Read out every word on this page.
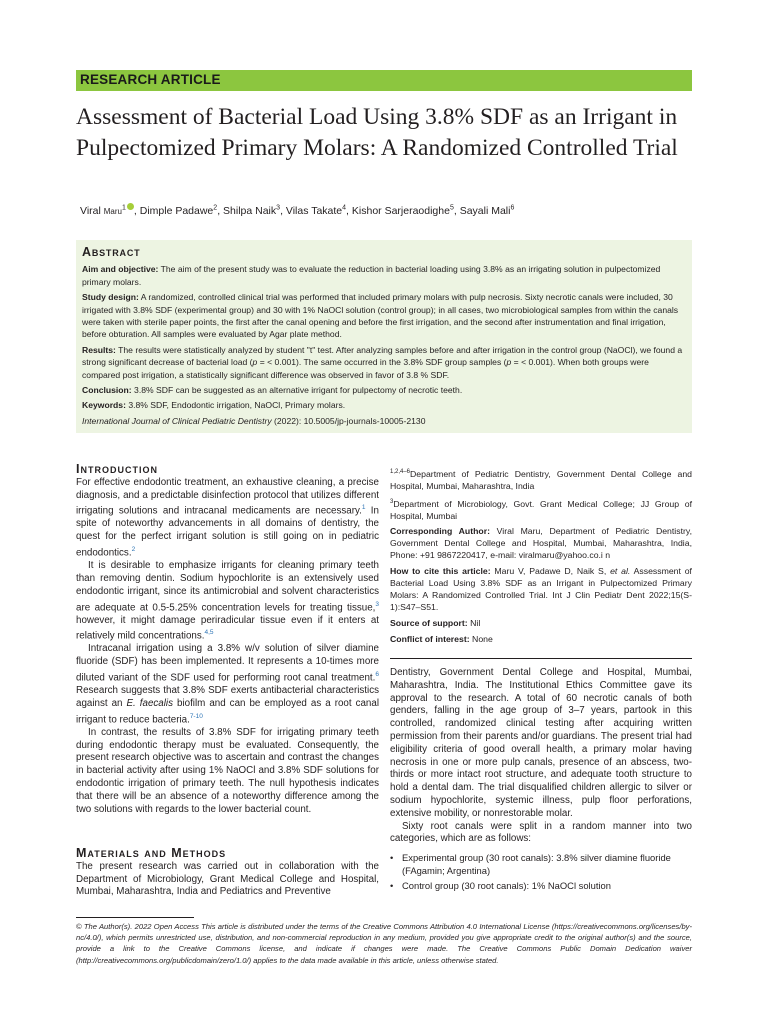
RESEARCH ARTICLE
Assessment of Bacterial Load Using 3.8% SDF as an Irrigant in Pulpectomized Primary Molars: A Randomized Controlled Trial
Viral Maru$^1$ , Dimple Padawe$^2$, Shilpa Naik$^3$, Vilas Takate$^4$, Kishor Sarjeraodighe$^5$, Sayali Mali$^6$
Abstract

Aim and objective: The aim of the present study was to evaluate the reduction in bacterial loading using 3.8% as an irrigating solution in pulpectomized primary molars.

Study design: A randomized, controlled clinical trial was performed that included primary molars with pulp necrosis. Sixty necrotic canals were included, 30 irrigated with 3.8% SDF (experimental group) and 30 with 1% NaOCl solution (control group); in all cases, two microbiological samples from within the canals were taken with sterile paper points, the first after the canal opening and before the first irrigation, and the second after instrumentation and final irrigation, before obturation. All samples were evaluated by Agar plate method.

Results: The results were statistically analyzed by student "t" test. After analyzing samples before and after irrigation in the control group (NaOCl), we found a strong significant decrease of bacterial load (p = < 0.001). The same occurred in the 3.8% SDF group samples (p = < 0.001). When both groups were compared post irrigation, a statistically significant difference was observed in favor of 3.8 % SDF.

Conclusion: 3.8% SDF can be suggested as an alternative irrigant for pulpectomy of necrotic teeth.

Keywords: 3.8% SDF, Endodontic irrigation, NaOCl, Primary molars.

International Journal of Clinical Pediatric Dentistry (2022): 10.5005/jp-journals-10005-2130

Introduction

For effective endodontic treatment, an exhaustive cleaning, a precise diagnosis, and a predictable disinfection protocol that utilizes different irrigating solutions and intracanal medicaments are necessary.$^1$ In spite of noteworthy advancements in all domains of dentistry, the quest for the perfect irrigant solution is still going on in pediatric endodontics.$^2$

It is desirable to emphasize irrigants for cleaning primary teeth than removing dentin. Sodium hypochlorite is an extensively used endodontic irrigant, since its antimicrobial and solvent characteristics are adequate at 0.5-5.25% concentration levels for treating tissue,$^3$ however, it might damage periradicular tissue even if it enters at relatively mild concentrations.$^{4,5}$

Intracanal irrigation using a 3.8% w/v solution of silver diamine fluoride (SDF) has been implemented. It represents a 10-times more diluted variant of the SDF used for performing root canal treatment.$^6$ Research suggests that 3.8% SDF exerts antibacterial characteristics against an E. faecalis biofilm and can be employed as a root canal irrigant to reduce bacteria.$^{7-10}$

In contrast, the results of 3.8% SDF for irrigating primary teeth during endodontic therapy must be evaluated. Consequently, the present research objective was to ascertain and contrast the changes in bacterial activity after using 1% NaOCl and 3.8% SDF solutions for endodontic irrigation of primary teeth. The null hypothesis indicates that there will be an absence of a noteworthy difference among the two solutions with regards to the lower bacterial count.

Materials and Methods

The present research was carried out in collaboration with the Department of Microbiology, Grant Medical College and Hospital, Mumbai, Maharashtra, India and Pediatrics and Preventive

$^{1,2,4-6}$Department of Pediatric Dentistry, Government Dental College and Hospital, Mumbai, Maharashtra, India

$^3$Department of Microbiology, Govt. Grant Medical College; JJ Group of Hospital, Mumbai

Corresponding Author: Viral Maru, Department of Pediatric Dentistry, Government Dental College and Hospital, Mumbai, Maharashtra, India, Phone: +91 9867220417, e-mail: viralmaru@yahoo.co.i n

How to cite this article: Maru V, Padawe D, Naik S, et al. Assessment of Bacterial Load Using 3.8% SDF as an Irrigant in Pulpectomized Primary Molars: A Randomized Controlled Trial. Int J Clin Pediatr Dent 2022;15(S-1):S47–S51.

Source of support: Nil

Conflict of interest: None

Dentistry, Government Dental College and Hospital, Mumbai, Maharashtra, India. The Institutional Ethics Committee gave its approval to the research. A total of 60 necrotic canals of both genders, falling in the age group of 3–7 years, partook in this controlled, randomized clinical testing after acquiring written permission from their parents and/or guardians. The present trial had eligibility criteria of good overall health, a primary molar having necrosis in one or more pulp canals, presence of an abscess, two-thirds or more intact root structure, and adequate tooth structure to hold a dental dam. The trial disqualified children allergic to silver or sodium hypochlorite, systemic illness, pulp floor perforations, extensive mobility, or nonrestorable molar.

Sixty root canals were split in a random manner into two categories, which are as follows:

• Experimental group (30 root canals): 3.8% silver diamine fluoride (FAgamin; Argentina)
• Control group (30 root canals): 1% NaOCl solution
© The Author(s). 2022 Open Access This article is distributed under the terms of the Creative Commons Attribution 4.0 International License (https://creativecommons.org/licenses/by-nc/4.0/), which permits unrestricted use, distribution, and non-commercial reproduction in any medium, provided you give appropriate credit to the original author(s) and the source, provide a link to the Creative Commons license, and indicate if changes were made. The Creative Commons Public Domain Dedication waiver (http://creativecommons.org/publicdomain/zero/1.0/) applies to the data made available in this article, unless otherwise stated.
